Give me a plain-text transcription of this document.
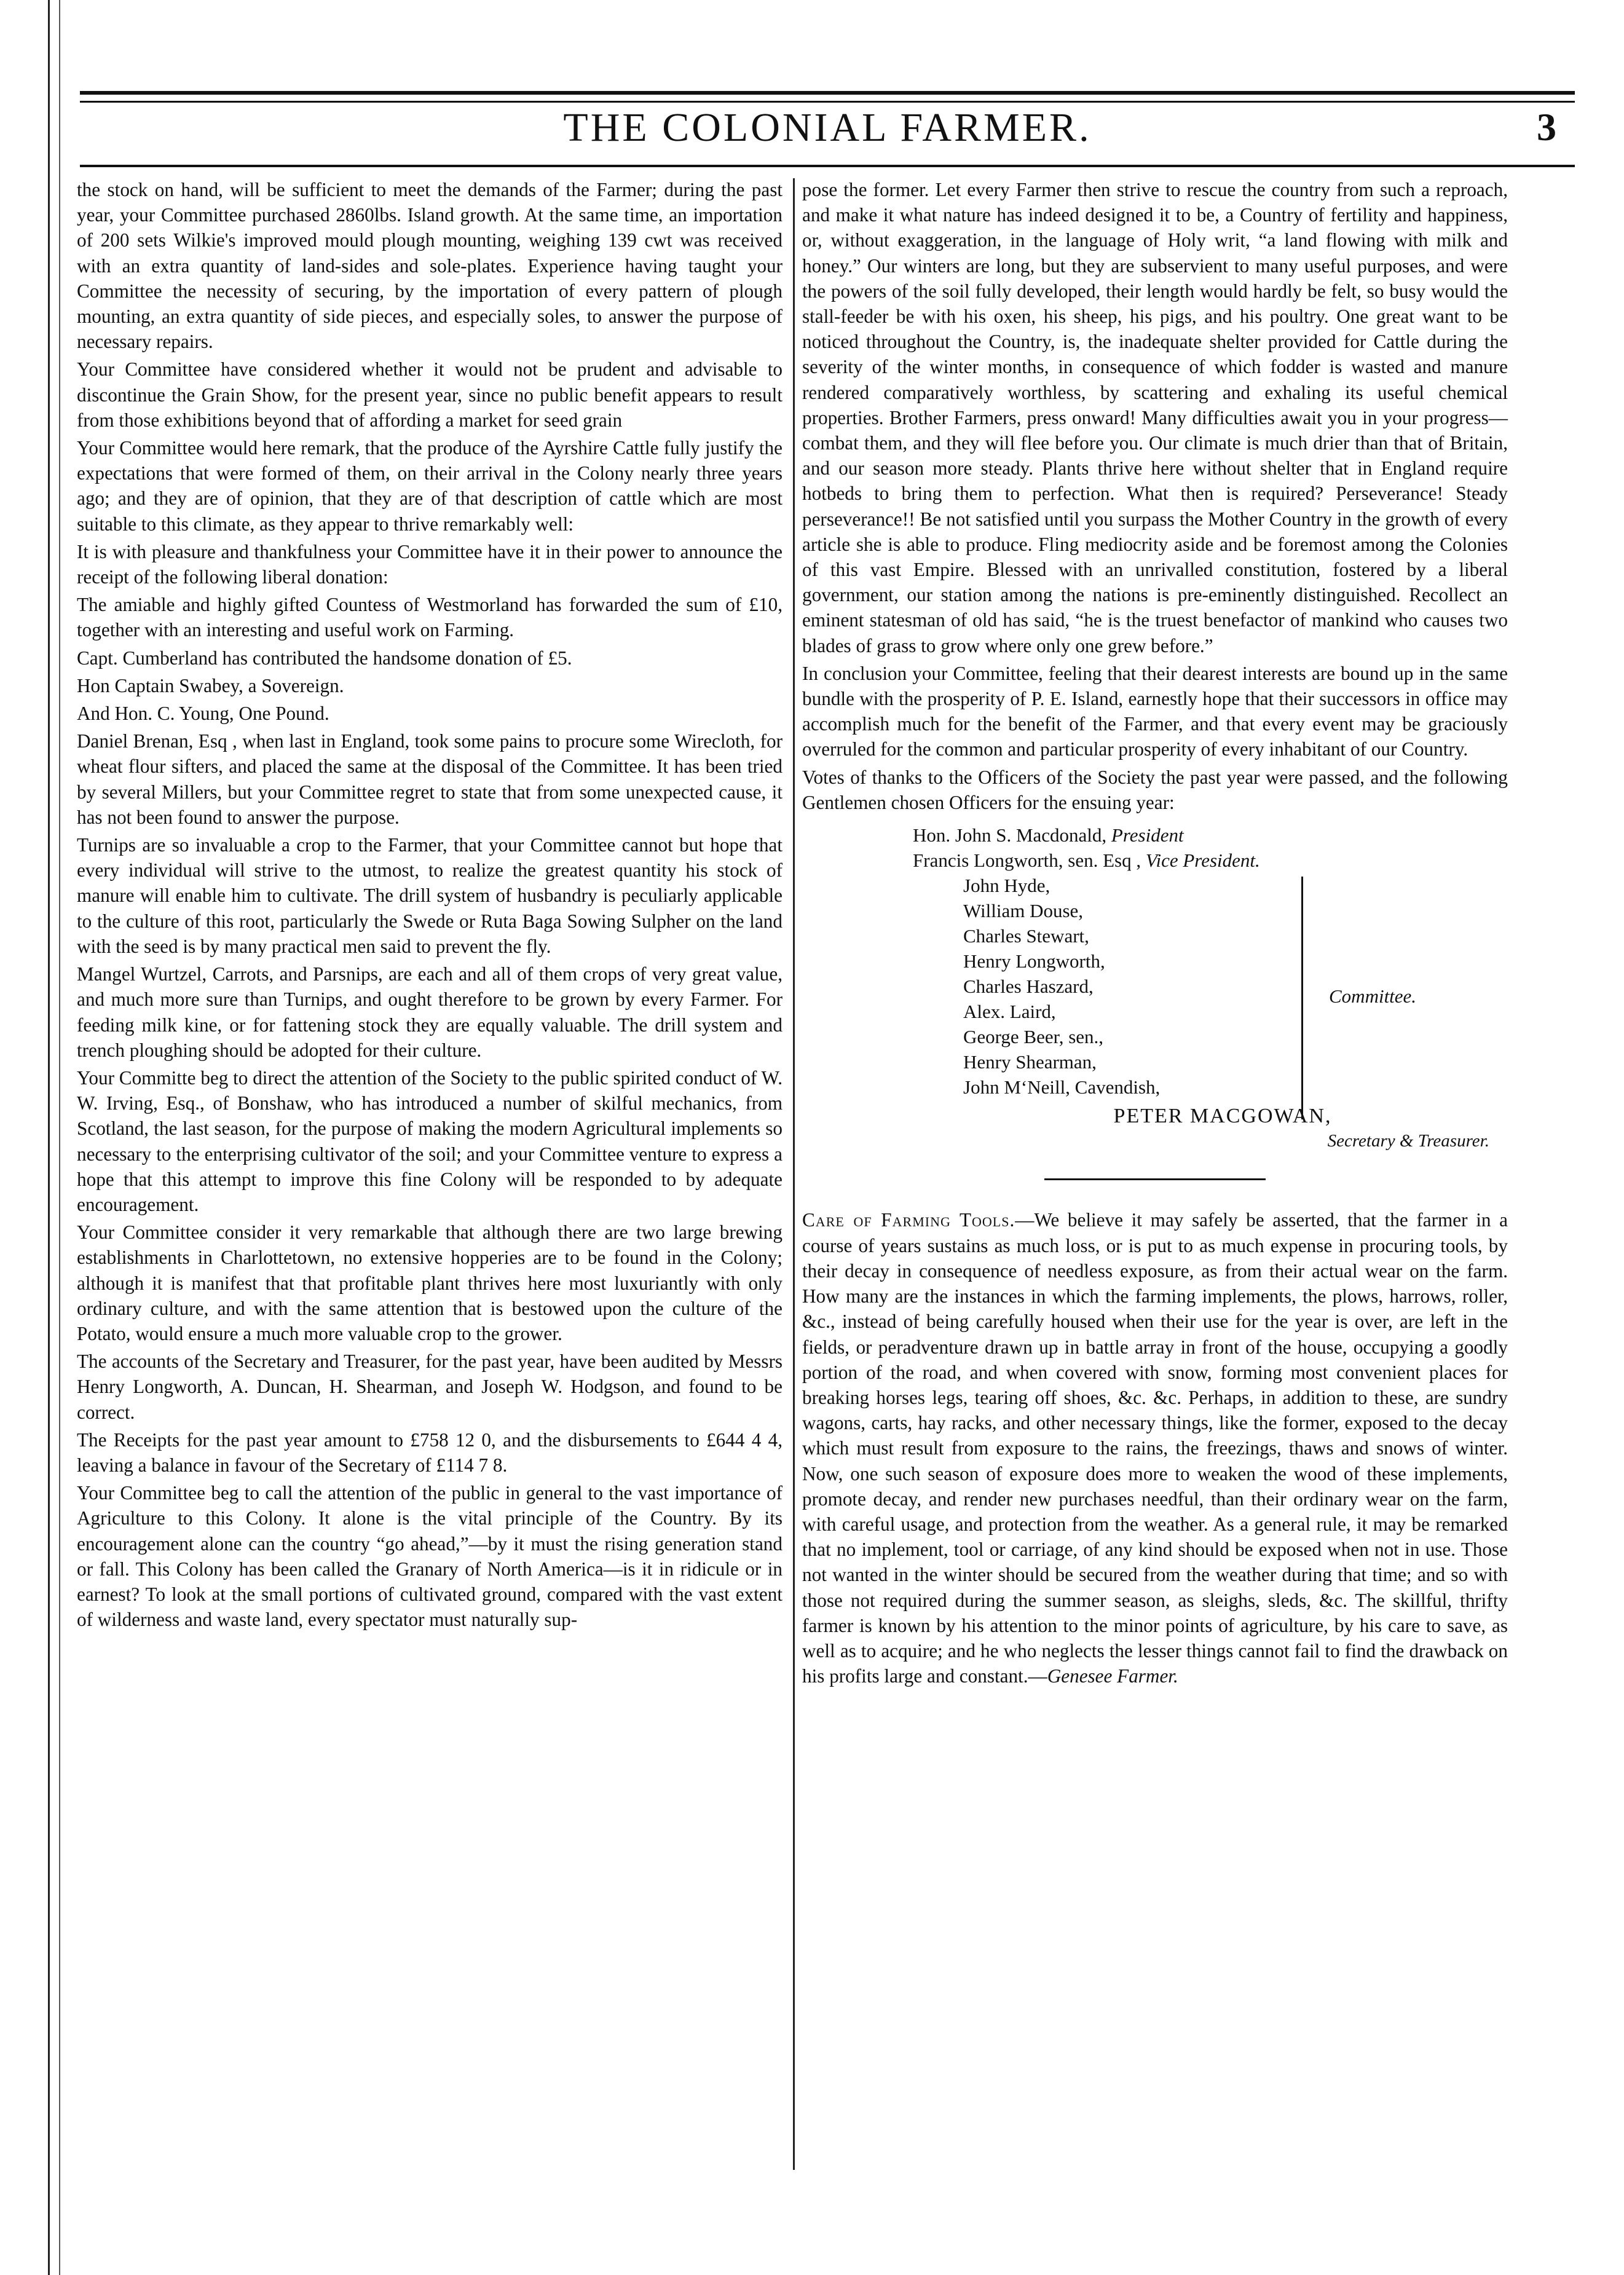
THE COLONIAL FARMER.	3

the stock on hand, will be sufficient to meet the demands of the Farmer; during the past year, your Committee purchased 2860lbs. Island growth. At the same time, an importation of 200 sets Wilkie's improved mould plough mounting, weighing 139 cwt was received with an extra quantity of land-sides and sole-plates. Experience having taught your Committee the necessity of securing, by the importation of every pattern of plough mounting, an extra quantity of side pieces, and especially soles, to answer the purpose of necessary repairs.

Your Committee have considered whether it would not be prudent and advisable to discontinue the Grain Show, for the present year, since no public benefit appears to result from those exhibitions beyond that of affording a market for seed grain

Your Committee would here remark, that the produce of the Ayrshire Cattle fully justify the expectations that were formed of them, on their arrival in the Colony nearly three years ago; and they are of opinion, that they are of that description of cattle which are most suitable to this climate, as they appear to thrive remarkably well:

It is with pleasure and thankfulness your Committee have it in their power to announce the receipt of the following liberal donation:

The amiable and highly gifted Countess of Westmorland has forwarded the sum of £10, together with an interesting and useful work on Farming.

Capt. Cumberland has contributed the handsome donation of £5.

Hon Captain Swabey, a Sovereign.

And Hon. C. Young, One Pound.

Daniel Brenan, Esq , when last in England, took some pains to procure some Wirecloth, for wheat flour sifters, and placed the same at the disposal of the Committee. It has been tried by several Millers, but your Committee regret to state that from some unexpected cause, it has not been found to answer the purpose.

Turnips are so invaluable a crop to the Farmer, that your Committee cannot but hope that every individual will strive to the utmost, to realize the greatest quantity his stock of manure will enable him to cultivate. The drill system of husbandry is peculiarly applicable to the culture of this root, particularly the Swede or Ruta Baga Sowing Sulpher on the land with the seed is by many practical men said to prevent the fly.

Mangel Wurtzel, Carrots, and Parsnips, are each and all of them crops of very great value, and much more sure than Turnips, and ought therefore to be grown by every Farmer. For feeding milk kine, or for fattening stock they are equally valuable. The drill system and trench ploughing should be adopted for their culture.

Your Committe beg to direct the attention of the Society to the public spirited conduct of W. W. Irving, Esq., of Bonshaw, who has introduced a number of skilful mechanics, from Scotland, the last season, for the purpose of making the modern Agricultural implements so necessary to the enterprising cultivator of the soil; and your Committee venture to express a hope that this attempt to improve this fine Colony will be responded to by adequate encouragement.

Your Committee consider it very remarkable that although there are two large brewing establishments in Charlottetown, no extensive hopperies are to be found in the Colony; although it is manifest that that profitable plant thrives here most luxuriantly with only ordinary culture, and with the same attention that is bestowed upon the culture of the Potato, would ensure a much more valuable crop to the grower.

The accounts of the Secretary and Treasurer, for the past year, have been audited by Messrs Henry Longworth, A. Duncan, H. Shearman, and Joseph W. Hodgson, and found to be correct.

The Receipts for the past year amount to £758 12 0, and the disbursements to £644 4 4, leaving a balance in favour of the Secretary of £114 7 8.

Your Committee beg to call the attention of the public in general to the vast importance of Agriculture to this Colony. It alone is the vital principle of the Country. By its encouragement alone can the country “go ahead,”—by it must the rising generation stand or fall. This Colony has been called the Granary of North America—is it in ridicule or in earnest? To look at the small portions of cultivated ground, compared with the vast extent of wilderness and waste land, every spectator must naturally sup-

pose the former. Let every Farmer then strive to rescue the country from such a reproach, and make it what nature has indeed designed it to be, a Country of fertility and happiness, or, without exaggeration, in the language of Holy writ, “a land flowing with milk and honey.” Our winters are long, but they are subservient to many useful purposes, and were the powers of the soil fully developed, their length would hardly be felt, so busy would the stall-feeder be with his oxen, his sheep, his pigs, and his poultry. One great want to be noticed throughout the Country, is, the inadequate shelter provided for Cattle during the severity of the winter months, in consequence of which fodder is wasted and manure rendered comparatively worthless, by scattering and exhaling its useful chemical properties. Brother Farmers, press onward! Many difficulties await you in your progress—combat them, and they will flee before you. Our climate is much drier than that of Britain, and our season more steady. Plants thrive here without shelter that in England require hotbeds to bring them to perfection. What then is required? Perseverance! Steady perseverance!! Be not satisfied until you surpass the Mother Country in the growth of every article she is able to produce. Fling mediocrity aside and be foremost among the Colonies of this vast Empire. Blessed with an unrivalled constitution, fostered by a liberal government, our station among the nations is pre-eminently distinguished. Recollect an eminent statesman of old has said, “he is the truest benefactor of mankind who causes two blades of grass to grow where only one grew before.”

In conclusion your Committee, feeling that their dearest interests are bound up in the same bundle with the prosperity of P. E. Island, earnestly hope that their successors in office may accomplish much for the benefit of the Farmer, and that every event may be graciously overruled for the common and particular prosperity of every inhabitant of our Country.

Votes of thanks to the Officers of the Society the past year were passed, and the following Gentlemen chosen Officers for the ensuing year:

Hon. John S. Macdonald, President
Francis Longworth, sen. Esq , Vice President.
John Hyde,
William Douse,
Charles Stewart,
Henry Longworth,
Charles Haszard,
Alex. Laird,
George Beer, sen.,
Henry Shearman,
John M‘Neill, Cavendish,
Committee.
PETER MACGOWAN,
Secretary & Treasurer.

Care of Farming Tools.—We believe it may safely be asserted, that the farmer in a course of years sustains as much loss, or is put to as much expense in procuring tools, by their decay in consequence of needless exposure, as from their actual wear on the farm. How many are the instances in which the farming implements, the plows, harrows, roller, &c., instead of being carefully housed when their use for the year is over, are left in the fields, or peradventure drawn up in battle array in front of the house, occupying a goodly portion of the road, and when covered with snow, forming most convenient places for breaking horses legs, tearing off shoes, &c. &c. Perhaps, in addition to these, are sundry wagons, carts, hay racks, and other necessary things, like the former, exposed to the decay which must result from exposure to the rains, the freezings, thaws and snows of winter. Now, one such season of exposure does more to weaken the wood of these implements, promote decay, and render new purchases needful, than their ordinary wear on the farm, with careful usage, and protection from the weather. As a general rule, it may be remarked that no implement, tool or carriage, of any kind should be exposed when not in use. Those not wanted in the winter should be secured from the weather during that time; and so with those not required during the summer season, as sleighs, sleds, &c. The skillful, thrifty farmer is known by his attention to the minor points of agriculture, by his care to save, as well as to acquire; and he who neglects the lesser things cannot fail to find the drawback on his profits large and constant.—Genesee Farmer.
